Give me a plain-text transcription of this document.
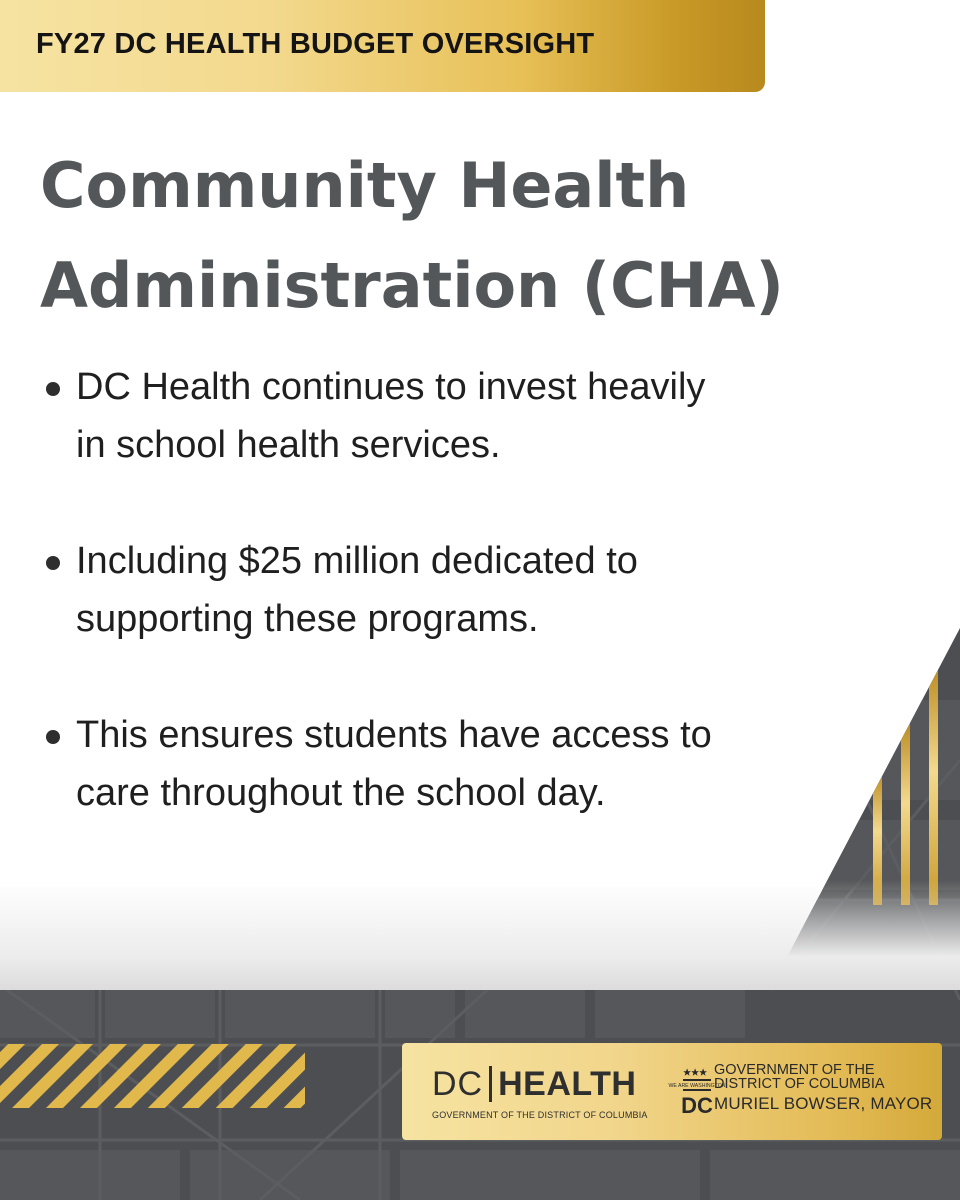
FY27 DC HEALTH BUDGET OVERSIGHT
Community Health
Administration (CHA)
DC Health continues to invest heavily
in school health services.
Including $25 million dedicated to
supporting these programs.
This ensures students have access to
care throughout the school day.
DC HEALTH
GOVERNMENT OF THE DISTRICT OF COLUMBIA
WE ARE WASHINGTON
DC
GOVERNMENT OF THE
DISTRICT OF COLUMBIA
MURIEL BOWSER, MAYOR
